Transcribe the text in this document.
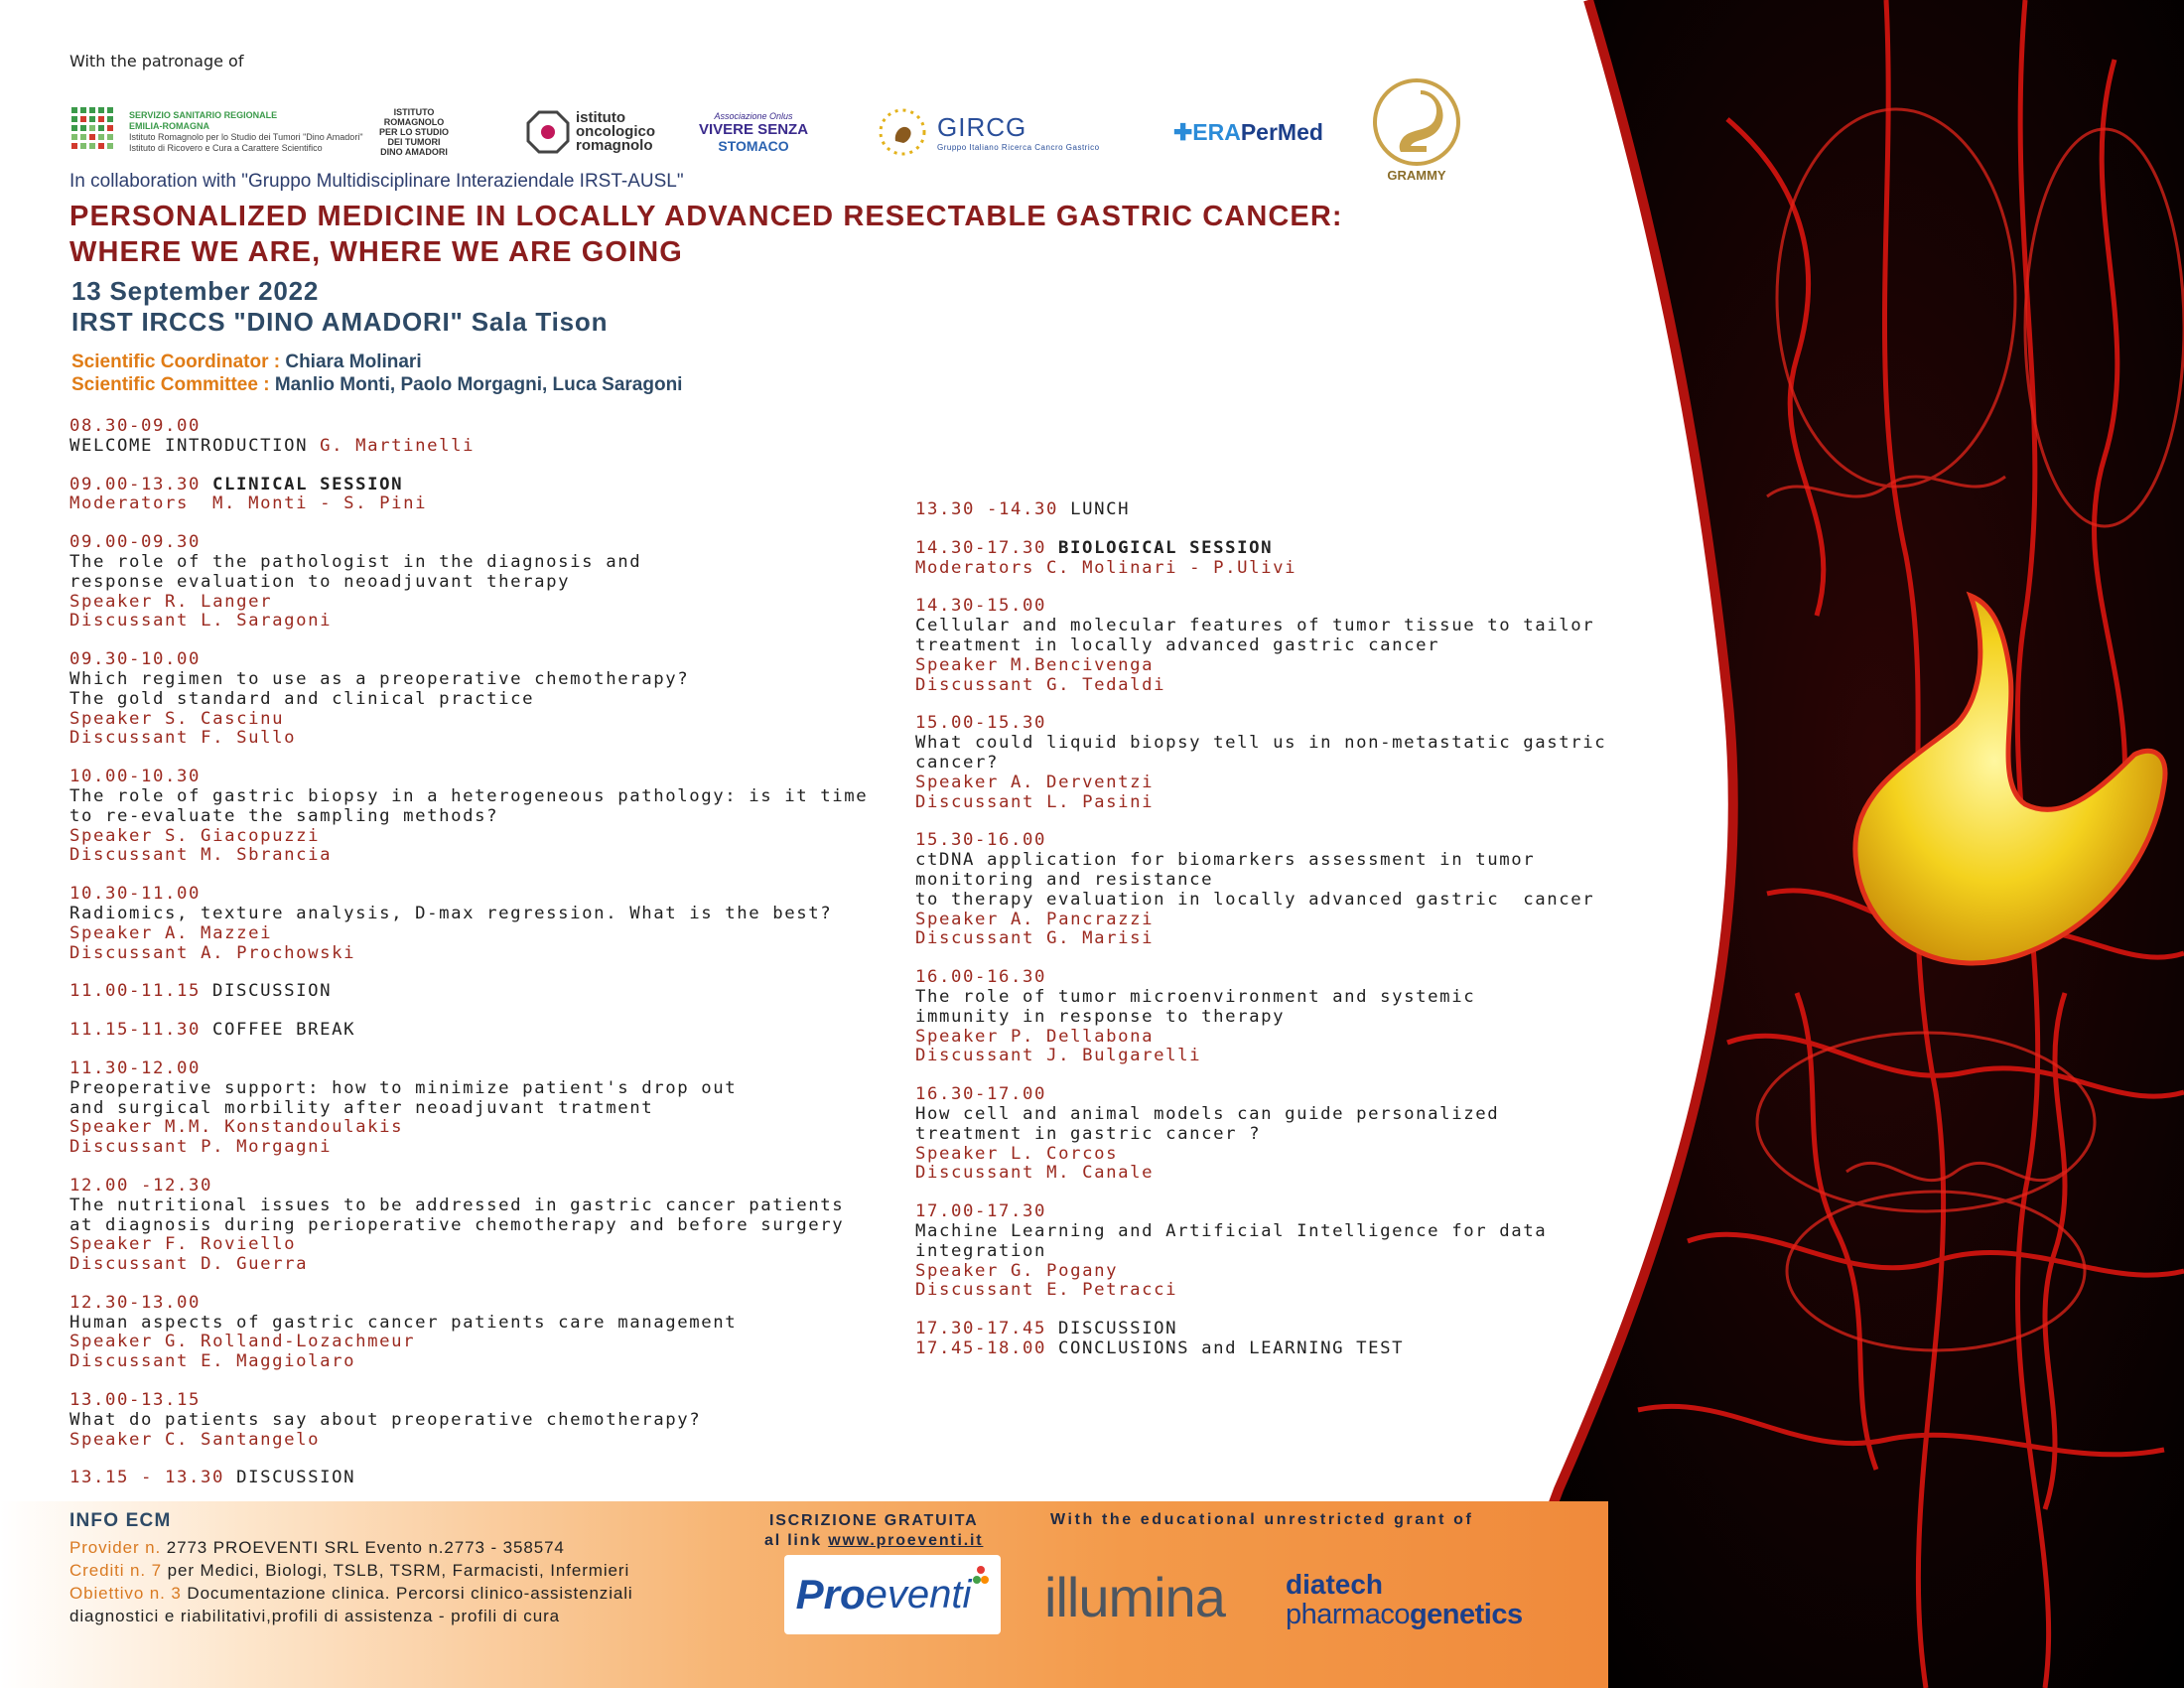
With the patronage of
SERVIZIO SANITARIO REGIONALE
EMILIA-ROMAGNA
Istituto Romagnolo per lo Studio dei Tumori "Dino Amadori"
Istituto di Ricovero e Cura a Carattere Scientifico
ISTITUTO
ROMAGNOLO
PER LO STUDIO
DEI TUMORI
DINO AMADORI
istituto
oncologico
romagnolo
Associazione Onlus
VIVERE SENZA
STOMACO
GIRCG
Gruppo Italiano Ricerca Cancro Gastrico
✚ERAPerMed
GRAMMY
In collaboration with "Gruppo Multidisciplinare Interaziendale IRST-AUSL"
PERSONALIZED MEDICINE IN LOCALLY ADVANCED RESECTABLE GASTRIC CANCER:
WHERE WE ARE, WHERE WE ARE GOING
13 September 2022
IRST IRCCS "DINO AMADORI" Sala Tison
Scientific Coordinator : Chiara Molinari
Scientific Committee : Manlio Monti, Paolo Morgagni, Luca Saragoni
08.30-09.00
WELCOME INTRODUCTION G. Martinelli
09.00-13.30 CLINICAL SESSION
Moderators  M. Monti - S. Pini
09.00-09.30
The role of the pathologist in the diagnosis and
response evaluation to neoadjuvant therapy
Speaker R. Langer
Discussant L. Saragoni
09.30-10.00
Which regimen to use as a preoperative chemotherapy?
The gold standard and clinical practice
Speaker S. Cascinu
Discussant F. Sullo
10.00-10.30
The role of gastric biopsy in a heterogeneous pathology: is it time
to re-evaluate the sampling methods?
Speaker S. Giacopuzzi
Discussant M. Sbrancia
10.30-11.00
Radiomics, texture analysis, D-max regression. What is the best?
Speaker A. Mazzei
Discussant A. Prochowski
11.00-11.15 DISCUSSION
11.15-11.30 COFFEE BREAK
11.30-12.00
Preoperative support: how to minimize patient's drop out
and surgical morbility after neoadjuvant tratment
Speaker M.M. Konstandoulakis
Discussant P. Morgagni
12.00 -12.30
The nutritional issues to be addressed in gastric cancer patients
at diagnosis during perioperative chemotherapy and before surgery
Speaker F. Roviello
Discussant D. Guerra
12.30-13.00
Human aspects of gastric cancer patients care management
Speaker G. Rolland-Lozachmeur
Discussant E. Maggiolaro
13.00-13.15
What do patients say about preoperative chemotherapy?
Speaker C. Santangelo
13.15 - 13.30 DISCUSSION
13.30 -14.30 LUNCH
14.30-17.30 BIOLOGICAL SESSION
Moderators C. Molinari - P.Ulivi
14.30-15.00
Cellular and molecular features of tumor tissue to tailor
treatment in locally advanced gastric cancer
Speaker M.Bencivenga
Discussant G. Tedaldi
15.00-15.30
What could liquid biopsy tell us in non-metastatic gastric
cancer?
Speaker A. Derventzi
Discussant L. Pasini
15.30-16.00
ctDNA application for biomarkers assessment in tumor
monitoring and resistance
to therapy evaluation in locally advanced gastric  cancer
Speaker A. Pancrazzi
Discussant G. Marisi
16.00-16.30
The role of tumor microenvironment and systemic
immunity in response to therapy
Speaker P. Dellabona
Discussant J. Bulgarelli
16.30-17.00
How cell and animal models can guide personalized
treatment in gastric cancer ?
Speaker L. Corcos
Discussant M. Canale
17.00-17.30
Machine Learning and Artificial Intelligence for data
integration
Speaker G. Pogany
Discussant E. Petracci
17.30-17.45 DISCUSSION
17.45-18.00 CONCLUSIONS and LEARNING TEST
INFO ECM
Provider n. 2773 PROEVENTI SRL Evento n.2773 - 358574
Crediti n. 7 per Medici, Biologi, TSLB, TSRM, Farmacisti, Infermieri
Obiettivo n. 3 Documentazione clinica. Percorsi clinico-assistenziali
diagnostici e riabilitativi,profili di assistenza - profili di cura
ISCRIZIONE GRATUITA
al link www.proeventi.it
With the educational unrestricted grant of
Pro eventi illumina diatech
pharmacogenetics
